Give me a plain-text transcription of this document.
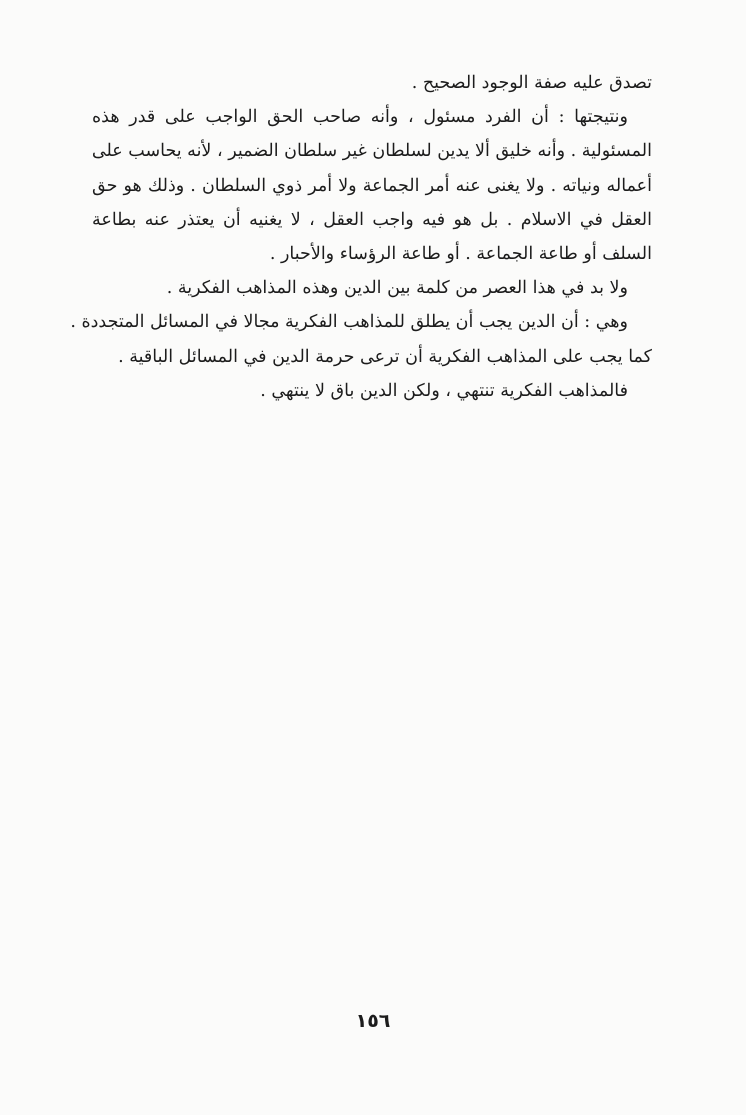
تصدق عليه صفة الوجود الصحيح .
ونتيجتها : أن الفرد مسئول ، وأنه صاحب الحق الواجب على قدر هذه
المسئولية . وأنه خليق ألا يدين لسلطان غير سلطان الضمير ، لأنه يحاسب على
أعماله ونياته . ولا يغنى عنه أمر الجماعة ولا أمر ذوي السلطان . وذلك هو حق
العقل في الاسلام . بل هو فيه واجب العقل ، لا يغنيه أن يعتذر عنه بطاعة
السلف أو طاعة الجماعة . أو طاعة الرؤساء والأحبار .
ولا بد في هذا العصر من كلمة بين الدين وهذه المذاهب الفكرية .
وهي : أن الدين يجب أن يطلق للمذاهب الفكرية مجالا في المسائل المتجددة .
كما يجب على المذاهب الفكرية أن ترعى حرمة الدين في المسائل الباقية .
فالمذاهب الفكرية تنتهي ، ولكن الدين باق لا ينتهي .
١٥٦
